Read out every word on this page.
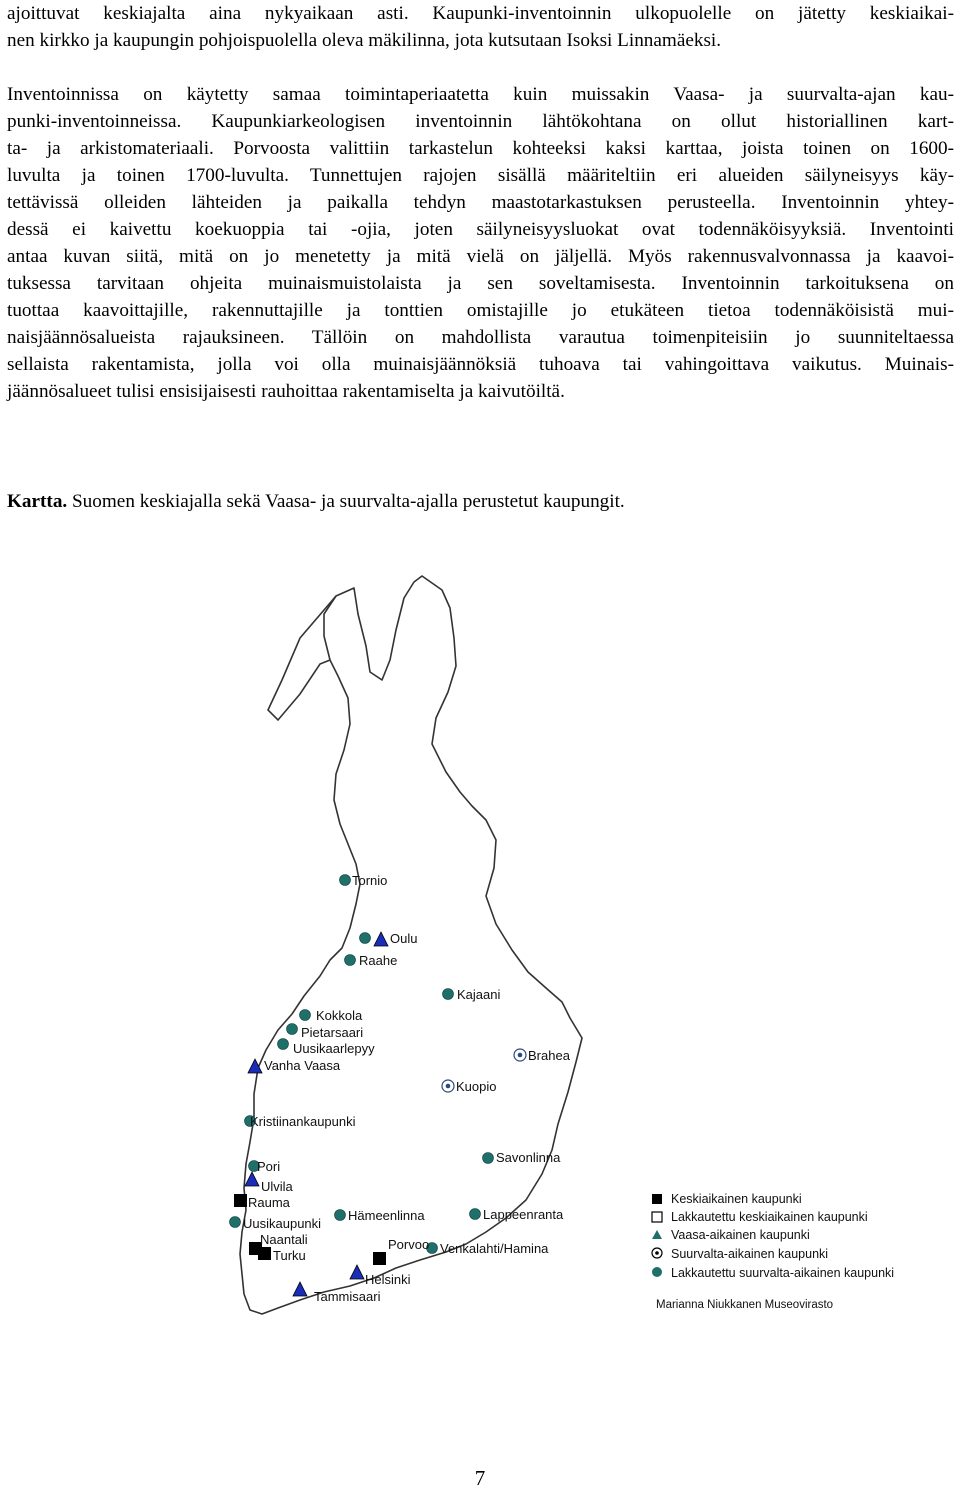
ajoittuvat keskiajalta aina nykyaikaan asti. Kaupunki-inventoinnin ulkopuolelle on jätetty keskiaikai-
nen kirkko ja kaupungin pohjoispuolella oleva mäkilinna, jota kutsutaan Isoksi Linnamäeksi.
Inventoinnissa on käytetty samaa toimintaperiaatetta kuin muissakin Vaasa- ja suurvalta-ajan kau-
punki-inventoinneissa. Kaupunkiarkeologisen inventoinnin lähtökohtana on ollut historiallinen kart-
ta- ja arkistomateriaali. Porvoosta valittiin tarkastelun kohteeksi kaksi karttaa, joista toinen on 1600-
luvulta ja toinen 1700-luvulta. Tunnettujen rajojen sisällä määriteltiin eri alueiden säilyneisyys käy-
tettävissä olleiden lähteiden ja paikalla tehdyn maastotarkastuksen perusteella. Inventoinnin yhtey-
dessä ei kaivettu koekuoppia tai -ojia, joten säilyneisyysluokat ovat todennäköisyyksiä. Inventointi
antaa kuvan siitä, mitä on jo menetetty ja mitä vielä on jäljellä. Myös rakennusvalvonnassa ja kaavoi-
tuksessa tarvitaan ohjeita muinaismuistolaista ja sen soveltamisesta. Inventoinnin tarkoituksena on
tuottaa kaavoittajille, rakennuttajille ja tonttien omistajille jo etukäteen tietoa todennäköisistä mui-
naisjäännösalueista rajauksineen. Tällöin on mahdollista varautua toimenpiteisiin jo suunniteltaessa
sellaista rakentamista, jolla voi olla muinaisjäännöksiä tuhoava tai vahingoittava vaikutus. Muinais-
jäännösalueet tulisi ensisijaisesti rauhoittaa rakentamiselta ja kaivutöiltä.
Kartta. Suomen keskiajalla sekä Vaasa- ja suurvalta-ajalla perustetut kaupungit.
Tornio
Oulu
Raahe
Kajaani
Kokkola
Pietarsaari
Uusikaarlepyy	Brahea
Vanha Vaasa
Kuopio
Kristiinankaupunki
Savonlinna
Pori
Ulvila
Rauma
Hämeenlinna	Lappeenranta
Uusikaupunki
Naantali	Porvoo
Turku	Venkalahti/Hamina
Helsinki
Tammisaari
Keskiaikainen kaupunki
Lakkautettu keskiaikainen kaupunki
Vaasa-aikainen kaupunki
Suurvalta-aikainen kaupunki
Lakkautettu suurvalta-aikainen kaupunki
Marianna Niukkanen Museovirasto
7
